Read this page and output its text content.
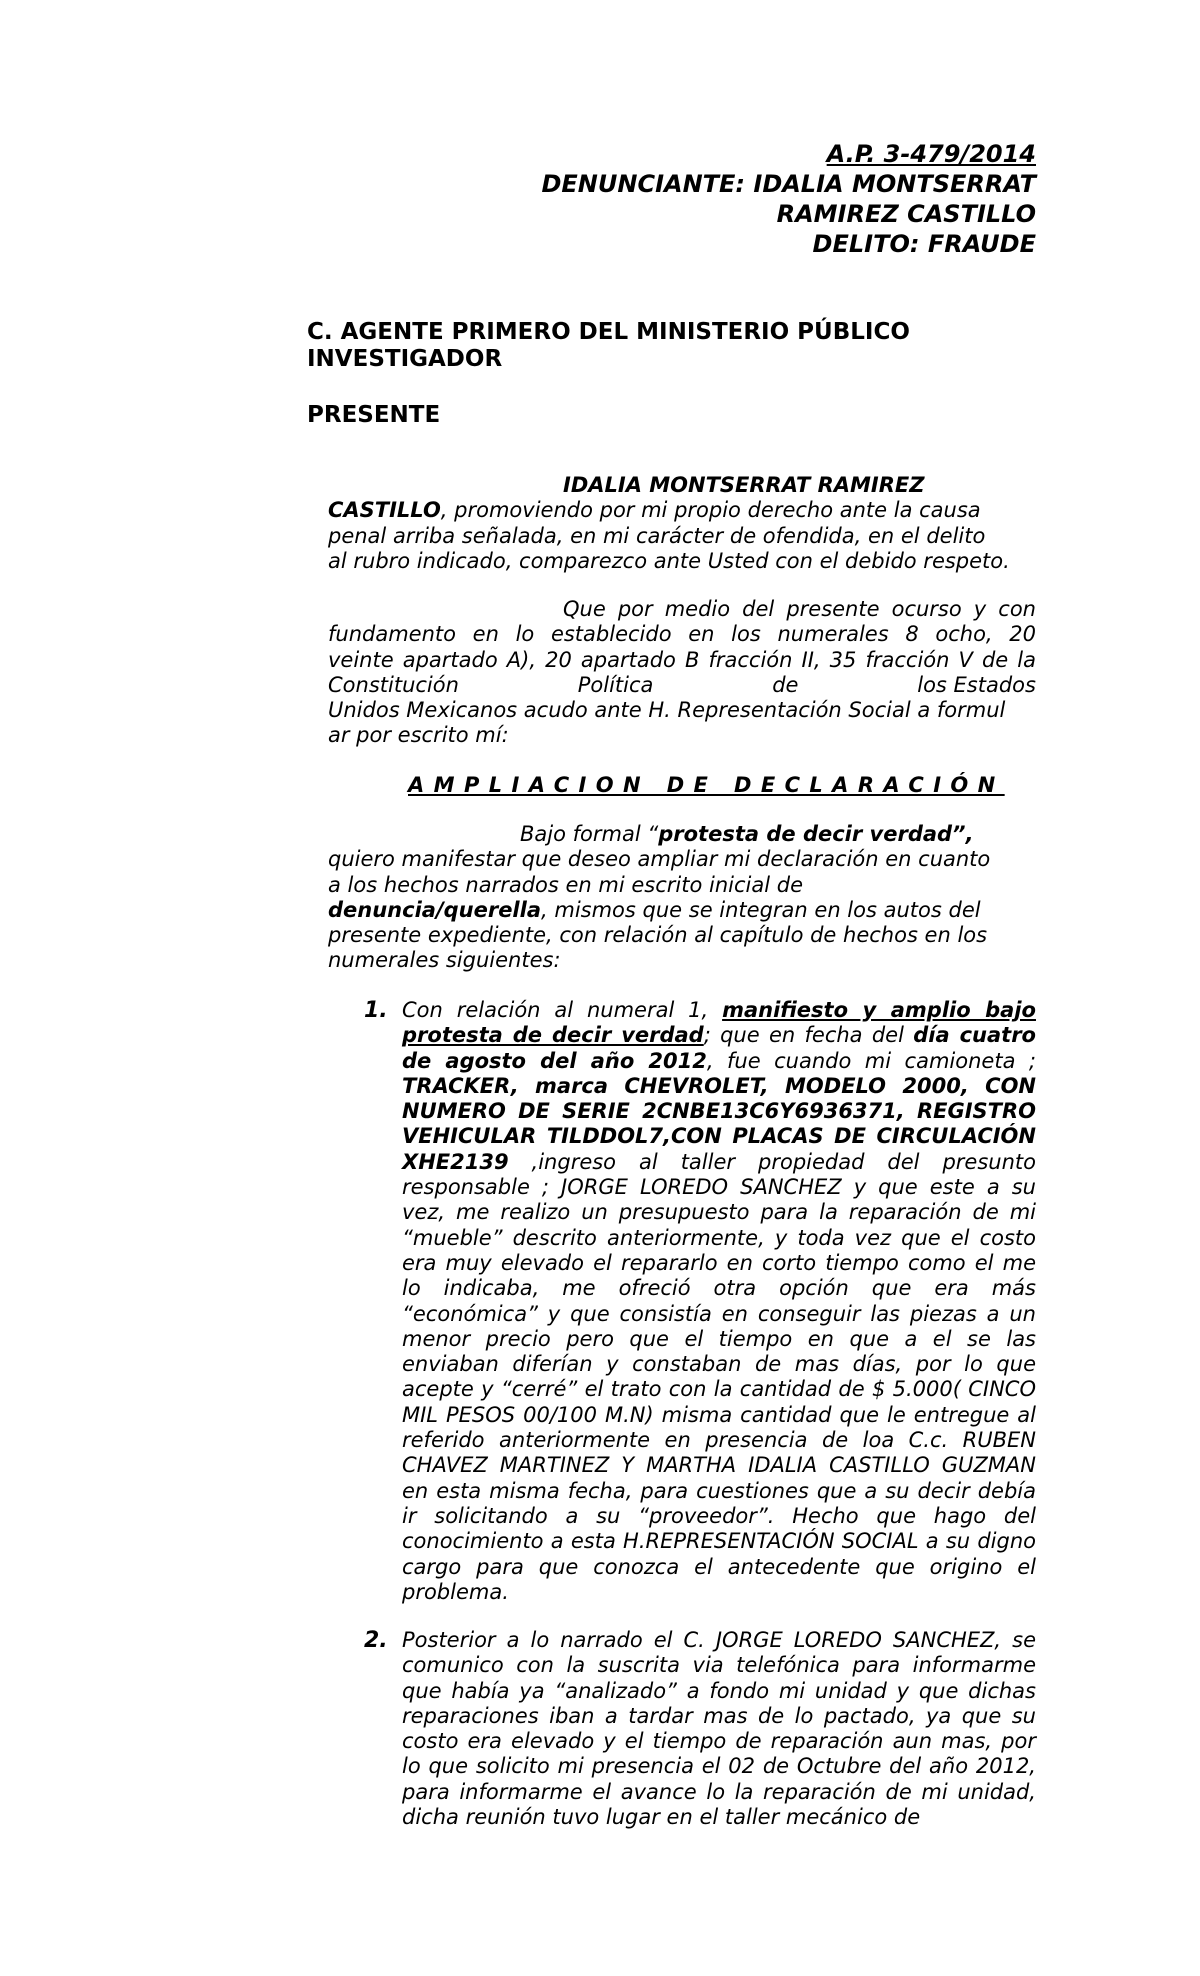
A.P. 3-479/2014
DENUNCIANTE: IDALIA MONTSERRAT
RAMIREZ CASTILLO
DELITO: FRAUDE
C. AGENTE PRIMERO DEL MINISTERIO PÚBLICO
INVESTIGADOR
PRESENTE
IDALIA MONTSERRAT RAMIREZ
CASTILLO, promoviendo por mi propio derecho ante la causa
penal arriba señalada, en mi carácter de ofendida, en el delito
al rubro indicado, comparezco ante Usted con el debido respeto.
Que por medio del presente ocurso y con
fundamento en lo establecido en los numerales 8 ocho, 20
veinte apartado A), 20 apartado B fracción II, 35 fracción V de la
Constitución	Política	de	los Estados
Unidos Mexicanos acudo ante H. Representación Social a formul
ar por escrito mí:
AMPLIACION DE DECLARACIÓN
Bajo formal “protesta de decir verdad”,
quiero manifestar que deseo ampliar mi declaración en cuanto
a los hechos narrados en mi escrito inicial de
denuncia/querella, mismos que se integran en los autos del
presente expediente, con relación al capítulo de hechos en los
numerales siguientes:
1. Con relación al numeral 1, manifiesto y amplio bajo protesta de decir verdad; que en fecha del día cuatro de agosto del año 2012, fue cuando mi camioneta ; TRACKER, marca CHEVROLET, MODELO 2000, CON NUMERO DE SERIE 2CNBE13C6Y6936371, REGISTRO VEHICULAR TILDDOL7,CON PLACAS DE CIRCULACIÓN XHE2139 ,ingreso al taller propiedad del presunto responsable ; JORGE LOREDO SANCHEZ y que este a su vez, me realizo un presupuesto para la reparación de mi “mueble” descrito anteriormente, y toda vez que el costo era muy elevado el repararlo en corto tiempo como el me lo indicaba, me ofreció otra opción que era más “económica” y que consistía en conseguir las piezas a un menor precio pero que el tiempo en que a el se las enviaban diferían y constaban de mas días, por lo que acepte y “cerré” el trato con la cantidad de $ 5.000( CINCO MIL PESOS 00/100 M.N) misma cantidad que le entregue al referido anteriormente en presencia de loa C.c. RUBEN CHAVEZ MARTINEZ Y MARTHA IDALIA CASTILLO GUZMAN en esta misma fecha, para cuestiones que a su decir debía ir solicitando a su “proveedor”. Hecho que hago del conocimiento a esta H.REPRESENTACIÓN SOCIAL a su digno cargo para que conozca el antecedente que origino el problema.
2. Posterior a lo narrado el C. JORGE LOREDO SANCHEZ, se comunico con la suscrita via telefónica para informarme que había ya “analizado” a fondo mi unidad y que dichas reparaciones iban a tardar mas de lo pactado, ya que su costo era elevado y el tiempo de reparación aun mas, por lo que solicito mi presencia el 02 de Octubre del año 2012, para informarme el avance lo la reparación de mi unidad, dicha reunión tuvo lugar en el taller mecánico de
